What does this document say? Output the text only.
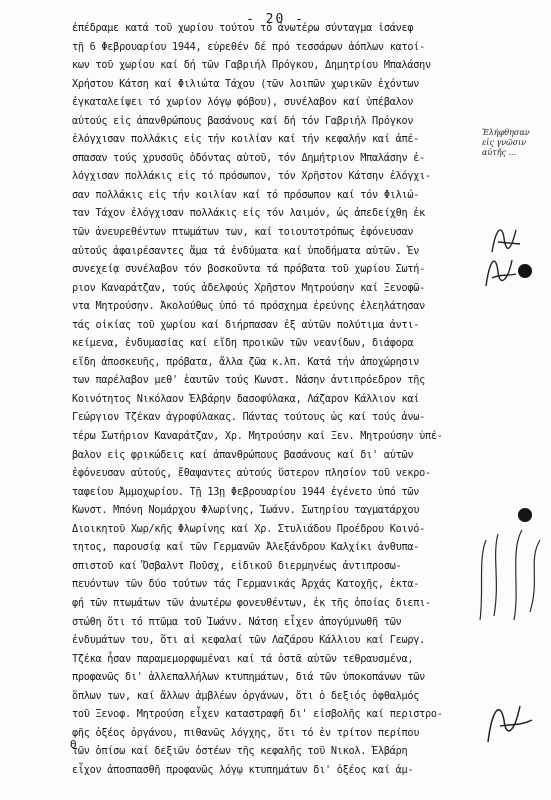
- 20 -
ἐπέδραμε κατά τοῦ χωρίου τούτου τό ἀνωτέρω σύνταγμα ἰσάνεφ
τῇ 6 Φεβρουαρίου 1944, εὐρεθέν δέ πρό τεσσάρων ἀόπλων κατοί-
κων τοῦ χωρίου καί δή τῶν Γαβριήλ Πρόγκου, Δημητρίου Μπαλάσην
Χρήστου Κάτση καί Φιλιώτα Τάχου (τῶν λοιπῶν χωρικῶν ἐχόντων
ἐγκαταλείψει τό χωρίον λόγῳ φόβου), συνέλαβον καί ὑπέβαλον
αὐτούς εἰς ἀπανθρώπους βασάνους καί δή τόν Γαβριήλ Πρόγκον
ἐλόγχισαν πολλάκις εἰς τήν κοιλίαν καί τήν κεφαλήν καί ἀπέ-
σπασαν τούς χρυσοῦς ὀδόντας αὐτοῦ, τόν Δημήτριον Μπαλάσην ἐ-
λόγχισαν πολλάκις εἰς τό πρόσωπον, τόν Χρῆστον Κάτσην ἐλόγχι-
σαν πολλάκις εἰς τήν κοιλίαν καί τό πρόσωπον καί τόν Φιλιώ-
ταν Τάχον ἐλόγχισαν πολλάκις εἰς τόν λαιμόν, ὡς ἀπεδείχθη ἐκ
τῶν ἀνευρεθέντων πτωμάτων των, καί τοιουτοτρόπως ἐφόνευσαν
αὐτούς ἀφαιρέσαντες ἅμα τά ἐνδύματα καί ὑποδήματα αὐτῶν. Ἐν
συνεχείᾳ συνέλαβον τόν βοσκοῦντα τά πρόβατα τοῦ χωρίου Σωτή-
ριον Καναράτζαν, τούς ἀδελφούς Χρῆστον Μητρούσην καί Ξενοφῶ-
ντα Μητρούσην. Ἀκολούθως ὑπό τό πρόσχημα ἐρεύνης ἐλεηλάτησαν
τάς οἰκίας τοῦ χωρίου καί διήρπασαν ἐξ αὐτῶν πολύτιμα ἀντι-
κείμενα, ἐνδυμασίας καί εἴδη προικῶν τῶν νεανίδων, διάφορα
εἴδη ἀποσκευῆς, πρόβατα, ἄλλα ζῶα κ.λπ. Κατά τήν ἀποχώρησιν
των παρέλαβον μεθ' ἑαυτῶν τούς Κωνστ. Νάσην ἀντιπρόεδρον τῆς
Κοινότητος Νικόλαον Ἐλβάρην δασοφύλακα, Λάζαρον Κάλλιον καί
Γεώργιον Τζέκαν ἀγροφύλακας. Πάντας τούτους ὡς καί τούς ἀνω-
τέρω Σωτήριον Καναράτζαν, Χρ. Μητρούσην καί Ξεν. Μητρούσην ὑπέ-
βαλον εἰς φρικώδεις καί ἀπανθρώπους βασάνους καί δι' αὐτῶν
ἐφόνευσαν αὐτούς, ἔθαψαντες αὐτούς ὕστερον πλησίον τοῦ νεκρο-
ταφείου Ἀμμοχωρίου. Τῇ 13ῃ Φεβρουαρίου 1944 ἐγένετο ὑπό τῶν
Κωνστ. Μπόνη Νομάρχου Φλωρίνης, Ἰωάνν. Σωτηρίου ταγματάρχου
Διοικητοῦ Χωρ/κῆς Φλωρίνης καί Χρ. Στυλιάδου Προέδρου Κοινό-
τητος, παρουσίᾳ καί τῶν Γερμανῶν Ἀλεξάνδρου Καλχίκι ἀνθυπα-
σπιστοῦ καί Ὄσβαλντ Ποῦσχ, εἰδικοῦ διερμηνέως ἀντιπροσω-
πευόντων τῶν δύο τούτων τάς Γερμανικάς Ἀρχάς Κατοχῆς, ἐκτα-
φή τῶν πτωμάτων τῶν ἀνωτέρω φονευθέντων, ἐκ τῆς ὁποίας διεπι-
στώθη ὅτι τό πτῶμα τοῦ Ἰωάνν. Νάτση εἶχεν ἀπογύμνωθῆ τῶν
ἐνδυμάτων του, ὅτι αἱ κεφαλαί τῶν Λαζάρου Κάλλιου καί Γεωργ.
Τζέκα ἦσαν παραμεμορφωμέναι καί τά ὀστᾶ αὐτῶν τεθραυσμένα,
προφανῶς δι' ἀλλεπαλλήλων κτυπημάτων, διά τῶν ὑποκοπάνων τῶν
ὅπλων των, καί ἄλλων ἀμβλέων ὀργάνων, ὅτι ὁ δεξιός ὀφθαλμός
τοῦ Ξενοφ. Μητρούση εἶχεν καταστραφῆ δι' εἰσβολῆς καί περιστρο-
φῆς ὀξέος ὀργάνου, πιθανῶς λόγχης, ὅτι τό ἐν τρίτον περίπου
τῶν ὀπίσω καί δεξιῶν ὀστέων τῆς κεφαλῆς τοῦ Νικολ. Ἐλβάρη
εἶχον ἀποσπασθῆ προφανῶς λόγῳ κτυπημάτων δι' ὀξέος καί ἀμ-
Ἐλήφθησαν
εἰς γνῶσιν
αὐτῆς ...
Θ
